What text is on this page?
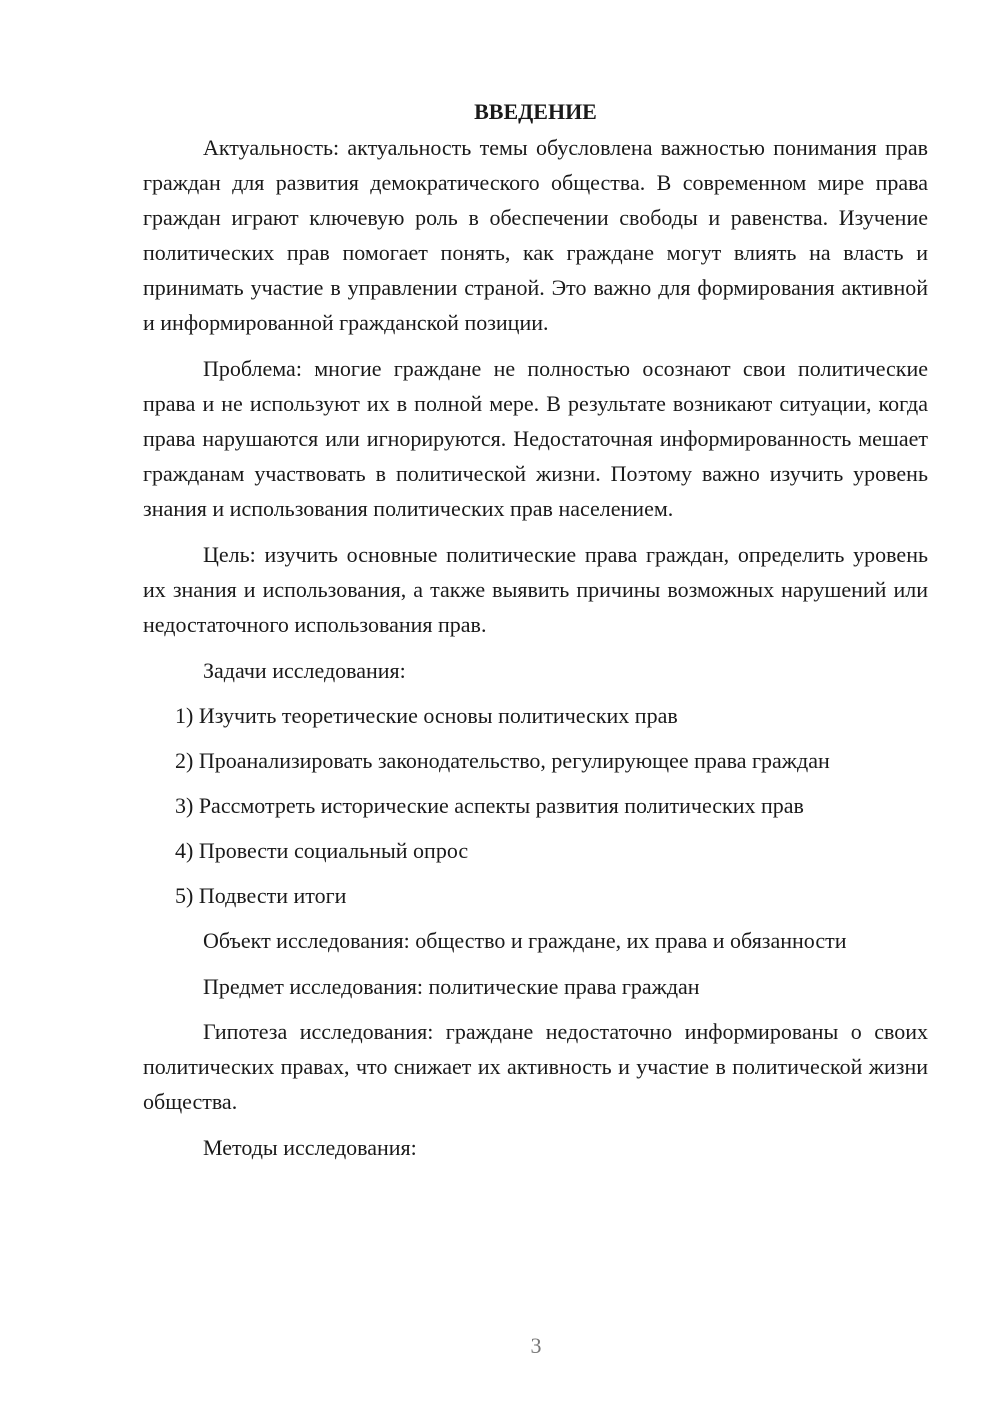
ВВЕДЕНИЕ

Актуальность: актуальность темы обусловлена важностью понимания прав граждан для развития демократического общества. В современном мире права граждан играют ключевую роль в обеспечении свободы и равенства. Изучение политических прав помогает понять, как граждане могут влиять на власть и принимать участие в управлении страной. Это важно для формирования активной и информированной гражданской позиции.

Проблема: многие граждане не полностью осознают свои политические права и не используют их в полной мере. В результате возникают ситуации, когда права нарушаются или игнорируются. Недостаточная информированность мешает гражданам участвовать в политической жизни. Поэтому важно изучить уровень знания и использования политических прав населением.

Цель: изучить основные политические права граждан, определить уровень их знания и использования, а также выявить причины возможных нарушений или недостаточного использования прав.

Задачи исследования:

1) Изучить теоретические основы политических прав

2) Проанализировать законодательство, регулирующее права граждан

3) Рассмотреть исторические аспекты развития политических прав

4) Провести социальный опрос

5) Подвести итоги

Объект исследования: общество и граждане, их права и обязанности

Предмет исследования: политические права граждан

Гипотеза исследования: граждане недостаточно информированы о своих политических правах, что снижает их активность и участие в политической жизни общества.

Методы исследования:

3
